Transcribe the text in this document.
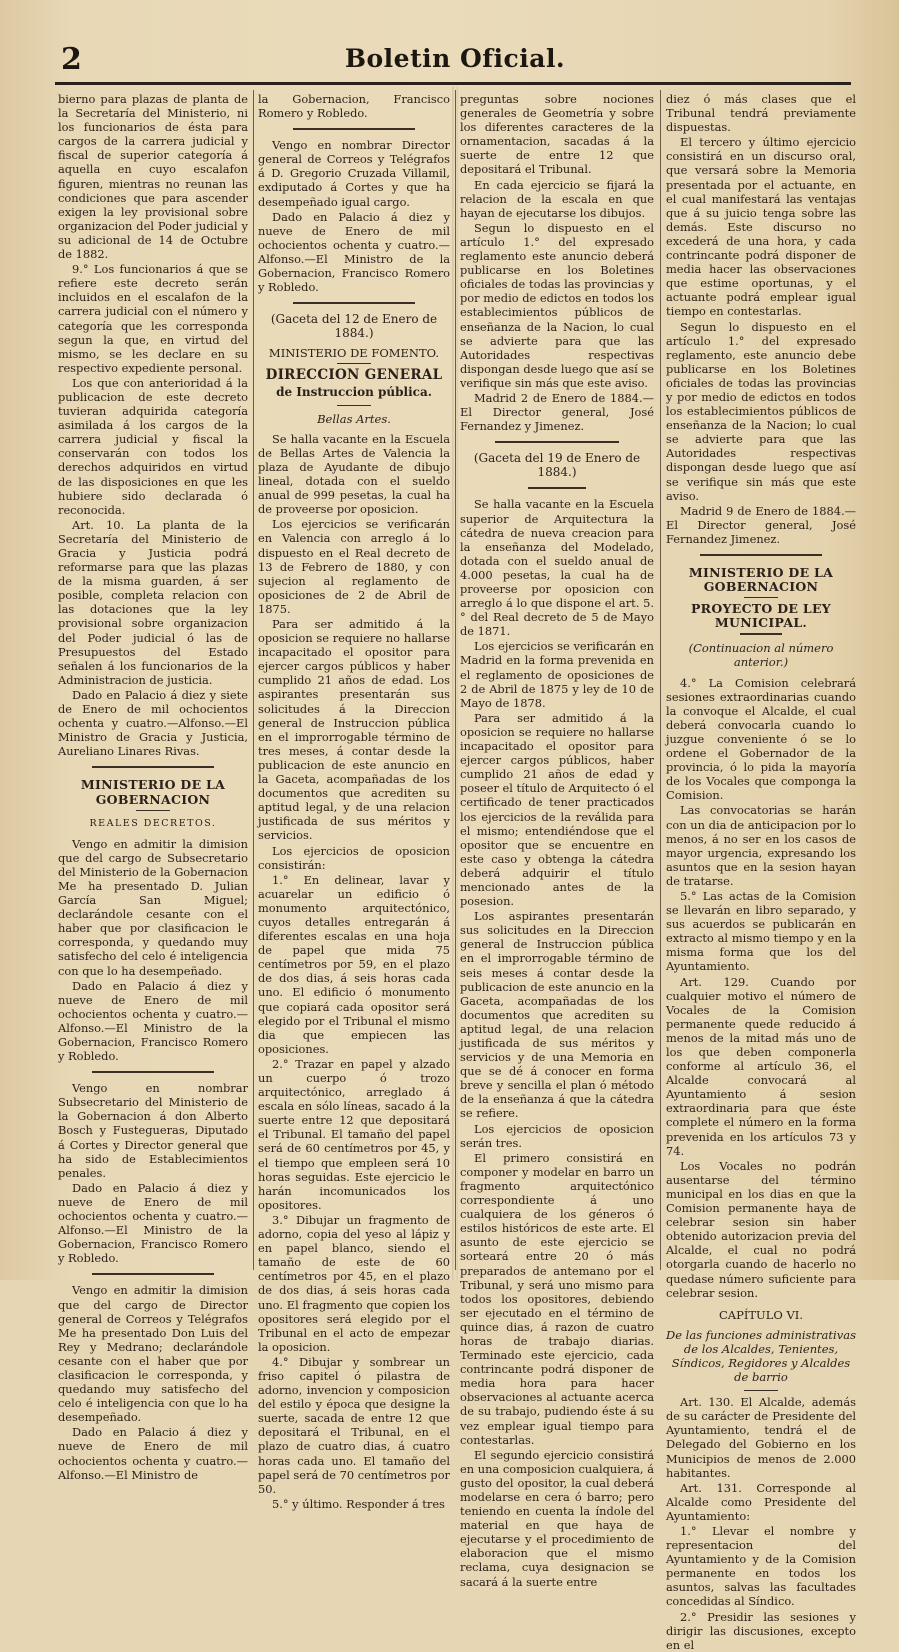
2	Boletin Oficial.

bierno para plazas de planta de la Secretaría del Ministerio, ni los funcionarios de ésta para cargos de la carrera judicial y fiscal de superior categoría á aquella en cuyo escalafon figuren, mientras no reunan las condiciones que para ascender exigen la ley provisional sobre organizacion del Poder judicial y su adicional de 14 de Octubre de 1882.

9.° Los funcionarios á que se refiere este decreto serán incluidos en el escalafon de la carrera judicial con el número y categoría que les corresponda segun la que, en virtud del mismo, se les declare en su respectivo expediente personal.

Los que con anterioridad á la publicacion de este decreto tuvieran adquirida categoría asimilada á los cargos de la carrera judicial y fiscal la conservarán con todos los derechos adquiridos en virtud de las disposiciones en que les hubiere sido declarada ó reconocida.

Art. 10. La planta de la Secretaría del Ministerio de Gracia y Justicia podrá reformarse para que las plazas de la misma guarden, á ser posible, completa relacion con las dotaciones que la ley provisional sobre organizacion del Poder judicial ó las de Presupuestos del Estado señalen á los funcionarios de la Administracion de justicia.

Dado en Palacio á diez y siete de Enero de mil ochocientos ochenta y cuatro.—Alfonso.—El Ministro de Gracia y Justicia, Aureliano Linares Rivas.

MINISTERIO DE LA GOBERNACION
REALES DECRETOS.

Vengo en admitir la dimision que del cargo de Subsecretario del Ministerio de la Gobernacion Me ha presentado D. Julian García San Miguel; declarándole cesante con el haber que por clasificacion le corresponda, y quedando muy satisfecho del celo é inteligencia con que lo ha desempeñado.

Dado en Palacio á diez y nueve de Enero de mil ochocientos ochenta y cuatro.—Alfonso.—El Ministro de la Gobernacion, Francisco Romero y Robledo.

Vengo en nombrar Subsecretario del Ministerio de la Gobernacion á don Alberto Bosch y Fustegueras, Diputado á Cortes y Director general que ha sido de Establecimientos penales.

Dado en Palacio á diez y nueve de Enero de mil ochocientos ochenta y cuatro.—Alfonso.—El Ministro de la Gobernacion, Francisco Romero y Robledo.

Vengo en admitir la dimision que del cargo de Director general de Correos y Telégrafos Me ha presentado Don Luis del Rey y Medrano; declarándole cesante con el haber que por clasificacion le corresponda, y quedando muy satisfecho del celo é inteligencia con que lo ha desempeñado.

Dado en Palacio á diez y nueve de Enero de mil ochocientos ochenta y cuatro.—Alfonso.—El Ministro de

la Gobernacion, Francisco Romero y Robledo.

Vengo en nombrar Director general de Correos y Telégrafos á D. Gregorio Cruzada Villamil, exdiputado á Cortes y que ha desempeñado igual cargo.

Dado en Palacio á diez y nueve de Enero de mil ochocientos ochenta y cuatro.—Alfonso.—El Ministro de la Gobernacion, Francisco Romero y Robledo.

(Gaceta del 12 de Enero de 1884.)
MINISTERIO DE FOMENTO.
DIRECCION GENERAL
de Instruccion pública.
Bellas Artes.

Se halla vacante en la Escuela de Bellas Artes de Valencia la plaza de Ayudante de dibujo lineal, dotada con el sueldo anual de 999 pesetas, la cual ha de proveerse por oposicion.

Los ejercicios se verificarán en Valencia con arreglo á lo dispuesto en el Real decreto de 13 de Febrero de 1880, y con sujecion al reglamento de oposiciones de 2 de Abril de 1875.

Para ser admitido á la oposicion se requiere no hallarse incapacitado el opositor para ejercer cargos públicos y haber cumplido 21 años de edad. Los aspirantes presentarán sus solicitudes á la Direccion general de Instruccion pública en el improrrogable término de tres meses, á contar desde la publicacion de este anuncio en la Gaceta, acompañadas de los documentos que acrediten su aptitud legal, y de una relacion justificada de sus méritos y servicios.

Los ejercicios de oposicion consistirán:

1.° En delinear, lavar y acuarelar un edificio ó monumento arquitectónico, cuyos detalles entregarán á diferentes escalas en una hoja de papel que mida 75 centímetros por 59, en el plazo de dos dias, á seis horas cada uno. El edificio ó monumento que copiará cada opositor será elegido por el Tribunal el mismo dia que empiecen las oposiciones.

2.° Trazar en papel y alzado un cuerpo ó trozo arquitectónico, arreglado á escala en sólo líneas, sacado á la suerte entre 12 que depositará el Tribunal. El tamaño del papel será de 60 centímetros por 45, y el tiempo que empleen será 10 horas seguidas. Este ejercicio le harán incomunicados los opositores.

3.° Dibujar un fragmento de adorno, copia del yeso al lápiz y en papel blanco, siendo el tamaño de este de 60 centímetros por 45, en el plazo de dos dias, á seis horas cada uno. El fragmento que copien los opositores será elegido por el Tribunal en el acto de empezar la oposicion.

4.° Dibujar y sombrear un friso capitel ó pilastra de adorno, invencion y composicion del estilo y época que designe la suerte, sacada de entre 12 que depositará el Tribunal, en el plazo de cuatro dias, á cuatro horas cada uno. El tamaño del papel será de 70 centímetros por 50.

5.° y último. Responder á tres

preguntas sobre nociones generales de Geometría y sobre los diferentes caracteres de la ornamentacion, sacadas á la suerte de entre 12 que depositará el Tribunal.

En cada ejercicio se fijará la relacion de la escala en que hayan de ejecutarse los dibujos.

Segun lo dispuesto en el artículo 1.° del expresado reglamento este anuncio deberá publicarse en los Boletines oficiales de todas las provincias y por medio de edictos en todos los establecimientos públicos de enseñanza de la Nacion, lo cual se advierte para que las Autoridades respectivas dispongan desde luego que así se verifique sin más que este aviso.

Madrid 2 de Enero de 1884.—El Director general, José Fernandez y Jimenez.

(Gaceta del 19 de Enero de 1884.)

Se halla vacante en la Escuela superior de Arquitectura la cátedra de nueva creacion para la enseñanza del Modelado, dotada con el sueldo anual de 4.000 pesetas, la cual ha de proveerse por oposicion con arreglo á lo que dispone el art. 5.° del Real decreto de 5 de Mayo de 1871.

Los ejercicios se verificarán en Madrid en la forma prevenida en el reglamento de oposiciones de 2 de Abril de 1875 y ley de 10 de Mayo de 1878.

Para ser admitido á la oposicion se requiere no hallarse incapacitado el opositor para ejercer cargos públicos, haber cumplido 21 años de edad y poseer el título de Arquitecto ó el certificado de tener practicados los ejercicios de la reválida para el mismo; entendiéndose que el opositor que se encuentre en este caso y obtenga la cátedra deberá adquirir el título mencionado antes de la posesion.

Los aspirantes presentarán sus solicitudes en la Direccion general de Instruccion pública en el improrrogable término de seis meses á contar desde la publicacion de este anuncio en la Gaceta, acompañadas de los documentos que acrediten su aptitud legal, de una relacion justificada de sus méritos y servicios y de una Memoria en que se dé á conocer en forma breve y sencilla el plan ó método de la enseñanza á que la cátedra se refiere.

Los ejercicios de oposicion serán tres.

El primero consistirá en componer y modelar en barro un fragmento arquitectónico correspondiente á uno cualquiera de los géneros ó estilos históricos de este arte. El asunto de este ejercicio se sorteará entre 20 ó más preparados de antemano por el Tribunal, y será uno mismo para todos los opositores, debiendo ser ejecutado en el término de quince dias, á razon de cuatro horas de trabajo diarias. Terminado este ejercicio, cada contrincante podrá disponer de media hora para hacer observaciones al actuante acerca de su trabajo, pudiendo éste á su vez emplear igual tiempo para contestarlas.

El segundo ejercicio consistirá en una composicion cualquiera, á gusto del opositor, la cual deberá modelarse en cera ó barro; pero teniendo en cuenta la índole del material en que haya de ejecutarse y el procedimiento de elaboracion que el mismo reclama, cuya designacion se sacará á la suerte entre

diez ó más clases que el Tribunal tendrá previamente dispuestas.

El tercero y último ejercicio consistirá en un discurso oral, que versará sobre la Memoria presentada por el actuante, en el cual manifestará las ventajas que á su juicio tenga sobre las demás. Este discurso no excederá de una hora, y cada contrincante podrá disponer de media hacer las observaciones que estime oportunas, y el actuante podrá emplear igual tiempo en contestarlas.

Segun lo dispuesto en el artículo 1.° del expresado reglamento, este anuncio debe publicarse en los Boletines oficiales de todas las provincias y por medio de edictos en todos los establecimientos públicos de enseñanza de la Nacion; lo cual se advierte para que las Autoridades respectivas dispongan desde luego que así se verifique sin más que este aviso.

Madrid 9 de Enero de 1884.—El Director general, José Fernandez Jimenez.

MINISTERIO DE LA GOBERNACION
PROYECTO DE LEY MUNICIPAL.
(Continuacion al número anterior.)

4.° La Comision celebrará sesiones extraordinarias cuando la convoque el Alcalde, el cual deberá convocarla cuando lo juzgue conveniente ó se lo ordene el Gobernador de la provincia, ó lo pida la mayoría de los Vocales que componga la Comision.

Las convocatorias se harán con un dia de anticipacion por lo menos, á no ser en los casos de mayor urgencia, expresando los asuntos que en la sesion hayan de tratarse.

5.° Las actas de la Comision se llevarán en libro separado, y sus acuerdos se publicarán en extracto al mismo tiempo y en la misma forma que los del Ayuntamiento.

Art. 129. Cuando por cualquier motivo el número de Vocales de la Comision permanente quede reducido á menos de la mitad más uno de los que deben componerla conforme al artículo 36, el Alcalde convocará al Ayuntamiento á sesion extraordinaria para que éste complete el número en la forma prevenida en los artículos 73 y 74.

Los Vocales no podrán ausentarse del término municipal en los dias en que la Comision permanente haya de celebrar sesion sin haber obtenido autorizacion previa del Alcalde, el cual no podrá otorgarla cuando de hacerlo no quedase número suficiente para celebrar sesion.

CAPÍTULO VI.
De las funciones administrativas de los Alcaldes, Tenientes, Síndicos, Regidores y Alcaldes de barrio

Art. 130. El Alcalde, además de su carácter de Presidente del Ayuntamiento, tendrá el de Delegado del Gobierno en los Municipios de menos de 2.000 habitantes.

Art. 131. Corresponde al Alcalde como Presidente del Ayuntamiento:

1.° Llevar el nombre y representacion del Ayuntamiento y de la Comision permanente en todos los asuntos, salvas las facultades concedidas al Síndico.

2.° Presidir las sesiones y dirigir las discusiones, excepto en el
